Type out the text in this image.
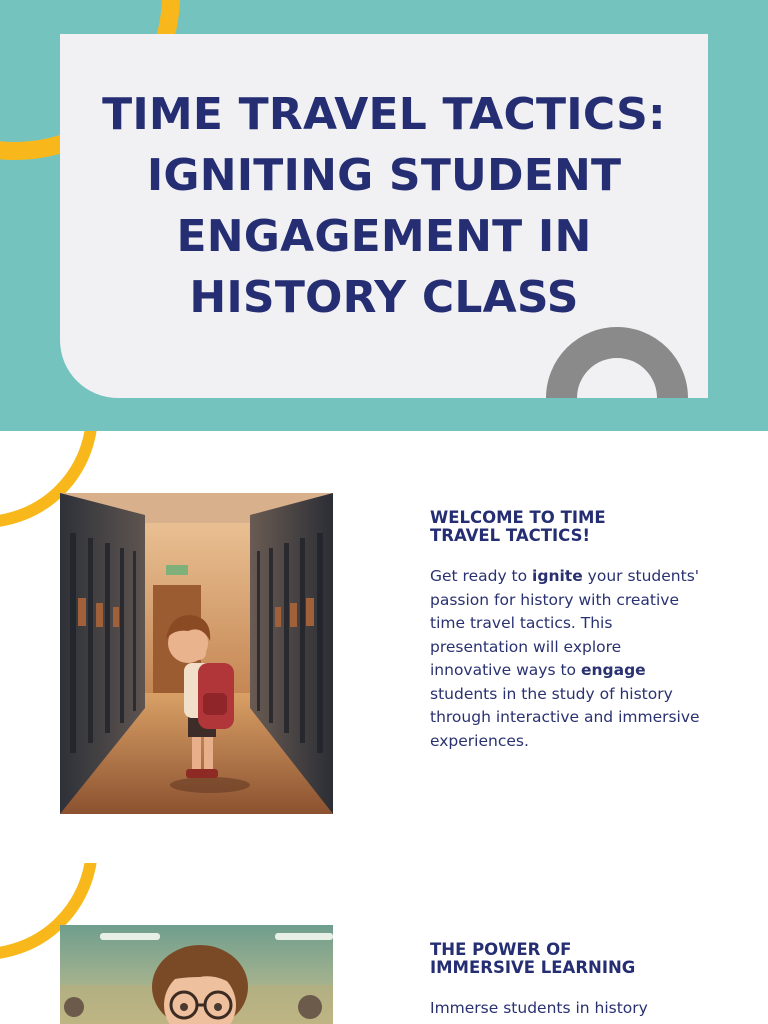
TIME TRAVEL TACTICS:
IGNITING STUDENT
ENGAGEMENT IN
HISTORY CLASS
WELCOME TO TIME
TRAVEL TACTICS!

Get ready to ignite your students' passion for history with creative time travel tactics. This presentation will explore innovative ways to engage students in the study of history through interactive and immersive experiences.

THE POWER OF
IMMERSIVE LEARNING

Immerse students in history
